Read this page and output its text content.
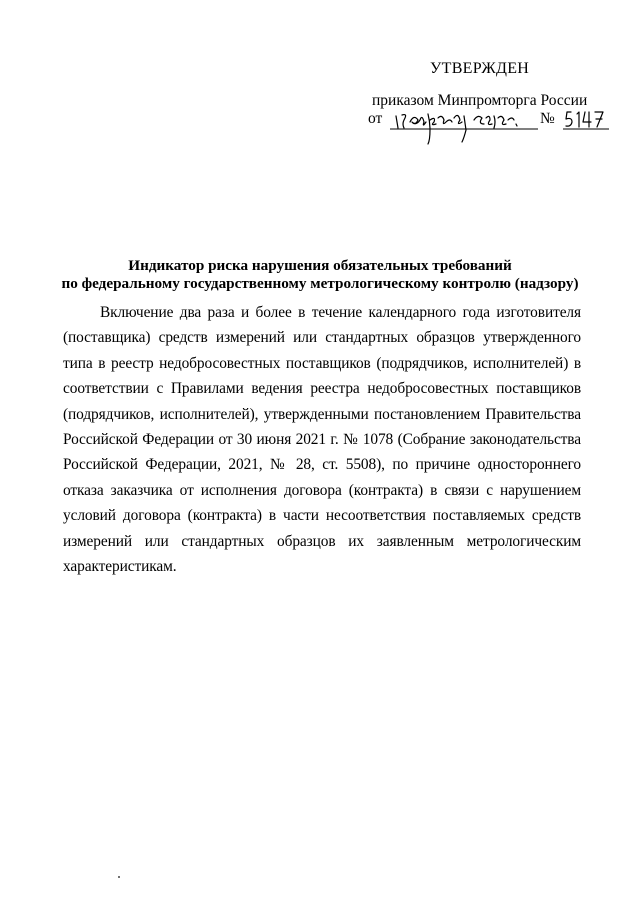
УТВЕРЖДЕН
приказом Минпромторга России
от	№
Индикатор риска нарушения обязательных требований
по федеральному государственному метрологическому контролю (надзору)

Включение два раза и более в течение календарного года изготовителя (поставщика) средств измерений или стандартных образцов утвержденного типа в реестр недобросовестных поставщиков (подрядчиков, исполнителей) в соответствии с Правилами ведения реестра недобросовестных поставщиков (подрядчиков, исполнителей), утвержденными постановлением Правительства Российской Федерации от 30 июня 2021 г. № 1078 (Собрание законодательства Российской Федерации, 2021, № 28, ст. 5508), по причине одностороннего отказа заказчика от исполнения договора (контракта) в связи с нарушением условий договора (контракта) в части несоответствия поставляемых средств измерений или стандартных образцов их заявленным метрологическим характеристикам.
